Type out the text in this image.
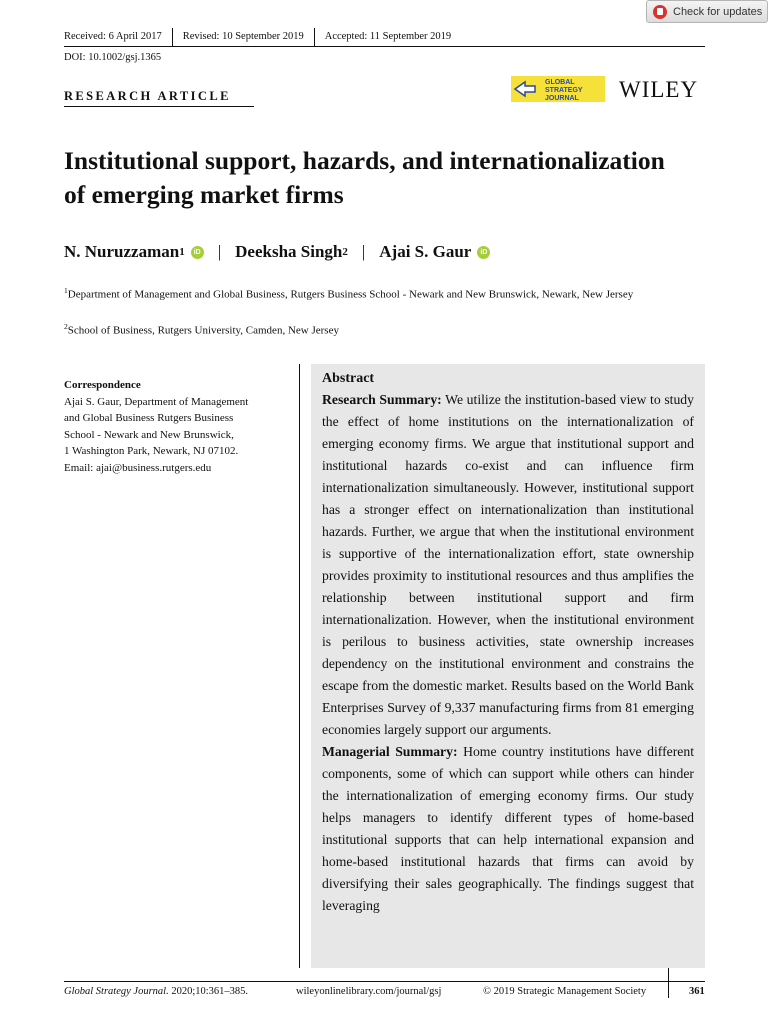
Check for updates
Received: 6 April 2017	Revised: 10 September 2019	Accepted: 11 September 2019
DOI: 10.1002/gsj.1365
RESEARCH ARTICLE
GLOBAL
STRATEGY
JOURNAL WILEY
Institutional support, hazards, and internationalization of emerging market firms
N. Nuruzzaman 1	iD | Deeksha Singh 2 | Ajai S. Gaur	iD
$^1$Department of Management and Global Business, Rutgers Business School - Newark and New Brunswick, Newark, New Jersey
$^2$School of Business, Rutgers University, Camden, New Jersey
Correspondence
Ajai S. Gaur, Department of Management
and Global Business Rutgers Business
School - Newark and New Brunswick,
1 Washington Park, Newark, NJ 07102.
Email: ajai@business.rutgers.edu
Abstract

Research Summary: We utilize the institution-based view to study the effect of home institutions on the internationalization of emerging economy firms. We argue that institutional support and institutional hazards co-exist and can influence firm internationalization simultaneously. However, institutional support has a stronger effect on internationalization than institutional hazards. Further, we argue that when the institutional environment is supportive of the internationalization effort, state ownership provides proximity to institutional resources and thus amplifies the relationship between institutional support and firm internationalization. However, when the institutional environment is perilous to business activities, state ownership increases dependency on the institutional environment and constrains the escape from the domestic market. Results based on the World Bank Enterprises Survey of 9,337 manufacturing firms from 81 emerging economies largely support our arguments.

Managerial Summary: Home country institutions have different components, some of which can support while others can hinder the internationalization of emerging economy firms. Our study helps managers to identify different types of home-based institutional supports that can help international expansion and home-based institutional hazards that firms can avoid by diversifying their sales geographically. The findings suggest that leveraging

Global Strategy Journal. 2020;10:361–385.	wileyonlinelibrary.com/journal/gsj	© 2019 Strategic Management Society	361
